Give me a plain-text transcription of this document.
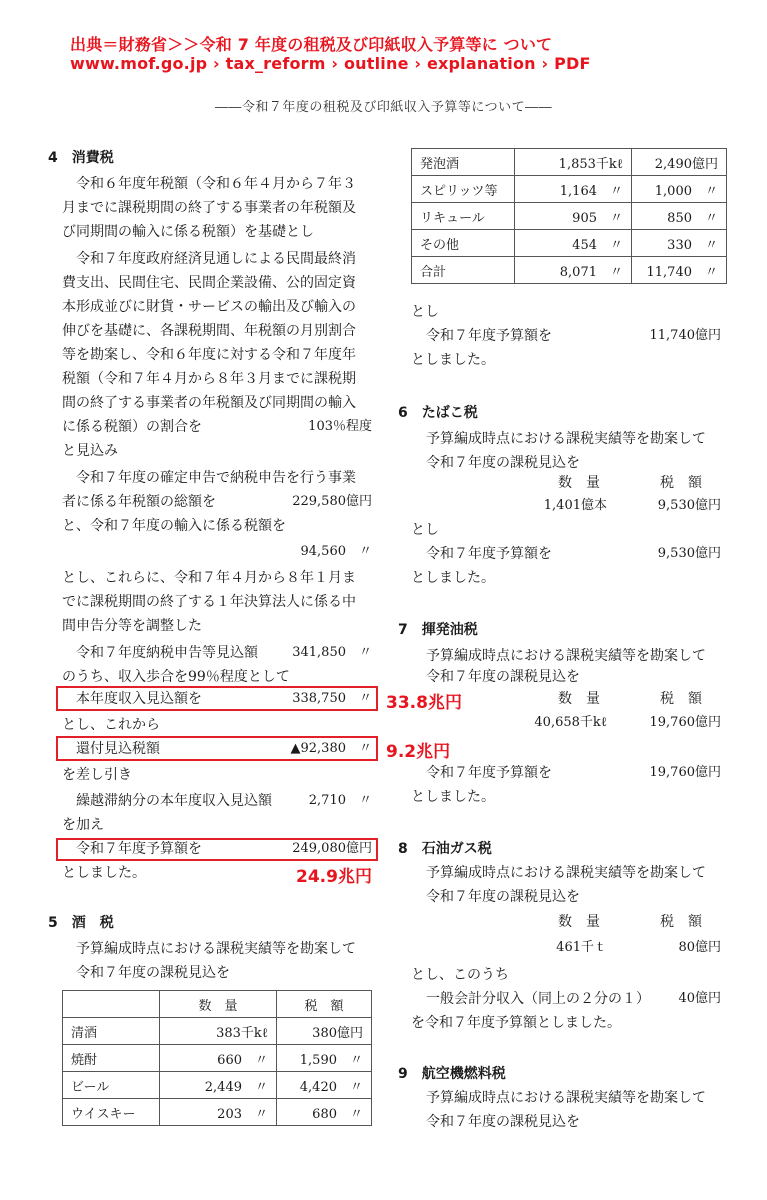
出典＝財務省＞＞令和 7 年度の租税及び印紙収入予算等に ついて
www.mof.go.jp › tax_reform › outline › explanation › PDF
――令和７年度の租税及び印紙収入予算等について――
4　消費税
令和６年度年税額（令和６年４月から７年３
月までに課税期間の終了する事業者の年税額及
び同期間の輸入に係る税額）を基礎とし
令和７年度政府経済見通しによる民間最終消
費支出、民間住宅、民間企業設備、公的固定資
本形成並びに財貨・サービスの輸出及び輸入の
伸びを基礎に、各課税期間、年税額の月別割合
等を勘案し、令和６年度に対する令和７年度年
税額（令和７年４月から８年３月までに課税期
間の終了する事業者の年税額及び同期間の輸入
に係る税額）の割合を	103％程度
と見込み
令和７年度の確定申告で納税申告を行う事業
者に係る年税額の総額を	229,580億円
と、令和７年度の輸入に係る税額を
94,560　〃
とし、これらに、令和７年４月から８年１月ま
でに課税期間の終了する１年決算法人に係る中
間申告分等を調整した
令和７年度納税申告等見込額	341,850　〃
のうち、収入歩合を99％程度として
本年度収入見込額を	338,750　〃 33.8兆円
とし、これから
還付見込税額	▲92,380　〃 9.2兆円
を差し引き
繰越滞納分の本年度収入見込額	2,710　〃
を加え
令和７年度予算額を	249,080億円
としました。	24.9兆円
5　酒　税
予算編成時点における課税実績等を勘案して
令和７年度の課税見込を
	数　量	税　額
清酒	383千kℓ	380億円
焼酎	660　〃	1,590　〃
ビール	2,449　〃	4,420　〃
ウイスキー	203　〃	680　〃
発泡酒	1,853千kℓ	2,490億円
スピリッツ等	1,164　〃	1,000　〃
リキュール	905　〃	850　〃
その他	454　〃	330　〃
合計	8,071　〃	11,740　〃
とし
令和７年度予算額を	11,740億円
としました。
6　たばこ税
予算編成時点における課税実績等を勘案して
令和７年度の課税見込を
数　量	税　額
1,401億本	9,530億円
とし
令和７年度予算額を	9,530億円
としました。
7　揮発油税
予算編成時点における課税実績等を勘案して
令和７年度の課税見込を
数　量	税　額
40,658千kℓ	19,760億円
令和７年度予算額を	19,760億円
としました。
8　石油ガス税
予算編成時点における課税実績等を勘案して
令和７年度の課税見込を
数　量	税　額
461千ｔ	80億円
とし、このうち
一般会計分収入（同上の２分の１） 40億円
を令和７年度予算額としました。
9　航空機燃料税
予算編成時点における課税実績等を勘案して
令和７年度の課税見込を
